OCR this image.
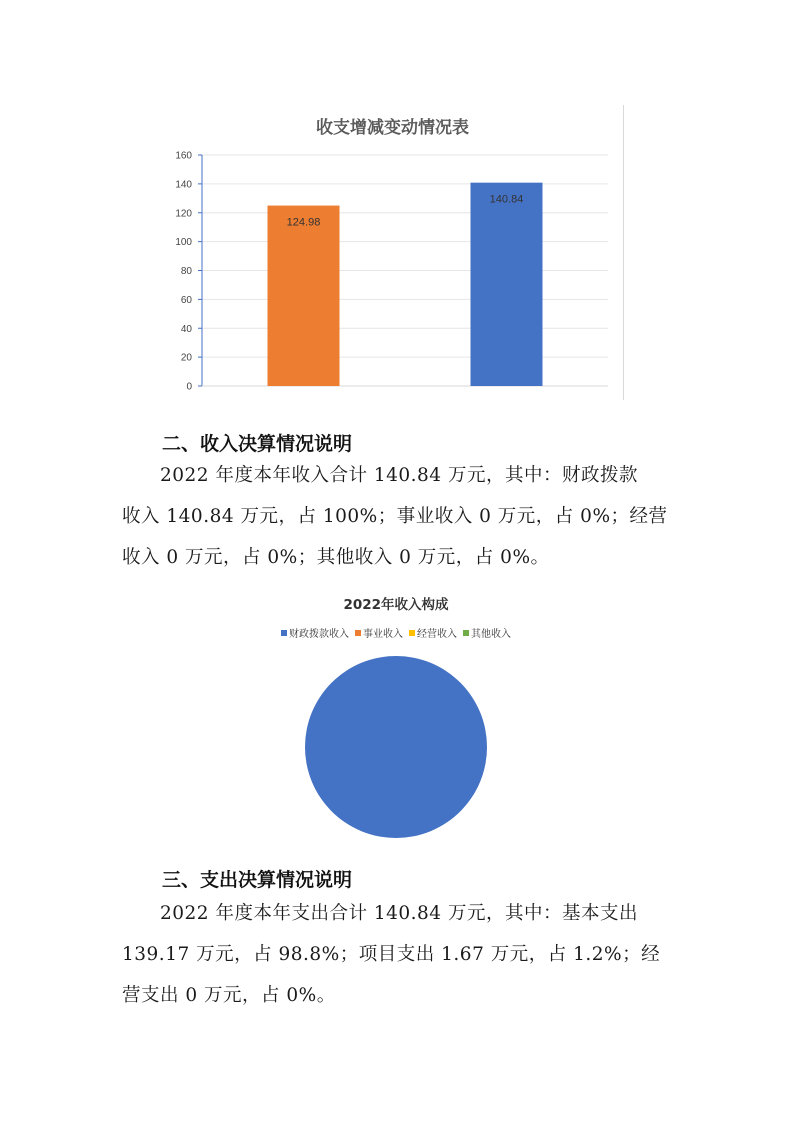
收支增减变动情况表
0
20
40
60
80
100
120
140
160
124.98
140.84
二、收入决算情况说明
2022 年度本年收入合计 140.84 万元，其中：财政拨款
收入 140.84 万元，占 100%；事业收入 0 万元，占 0%；经营
收入 0 万元，占 0%；其他收入 0 万元，占 0%。
2022年收入构成
财政拨款收入 事业收入 经营收入 其他收入
三、支出决算情况说明
2022 年度本年支出合计 140.84 万元，其中：基本支出
139.17 万元，占 98.8%；项目支出 1.67 万元，占 1.2%；经
营支出 0 万元，占 0%。
